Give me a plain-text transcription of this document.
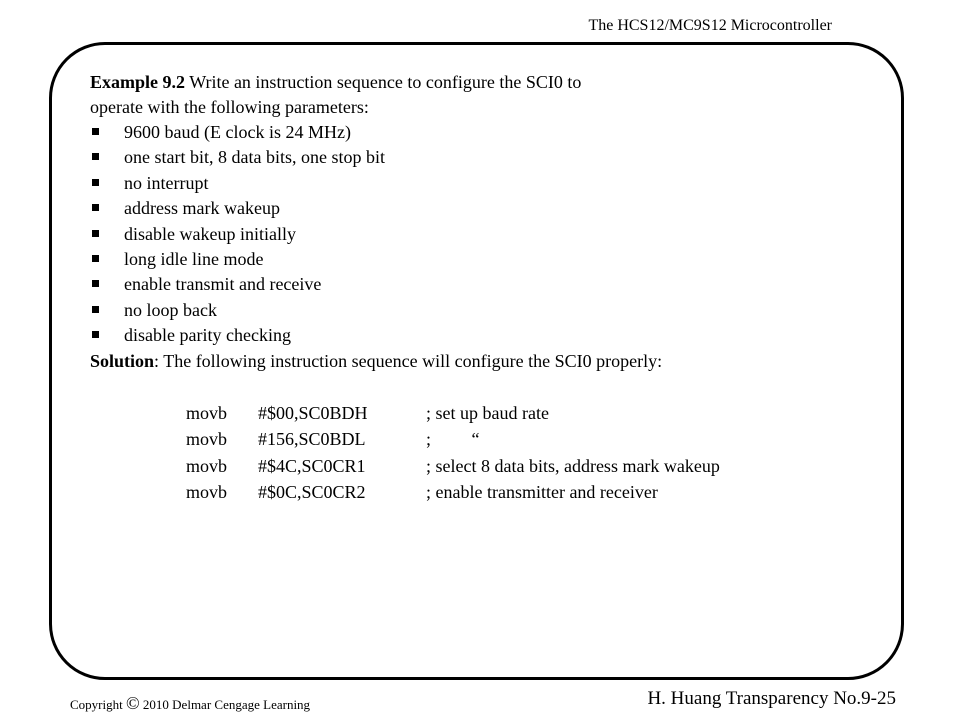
The HCS12/MC9S12 Microcontroller

Example 9.2 Write an instruction sequence to configure the SCI0 to
operate with the following parameters:

9600 baud (E clock is 24 MHz)
one start bit, 8 data bits, one stop bit
no interrupt
address mark wakeup
disable wakeup initially
long idle line mode
enable transmit and receive
no loop back
disable parity checking

Solution: The following instruction sequence will configure the SCI0 properly:

movb #$00,SC0BDH	; set up baud rate
movb #156,SC0BDL	;         “
movb #$4C,SC0CR1	; select 8 data bits, address mark wakeup
movb #$0C,SC0CR2	; enable transmitter and receiver
Copyright © 2010 Delmar Cengage Learning	H. Huang Transparency No.9-25
